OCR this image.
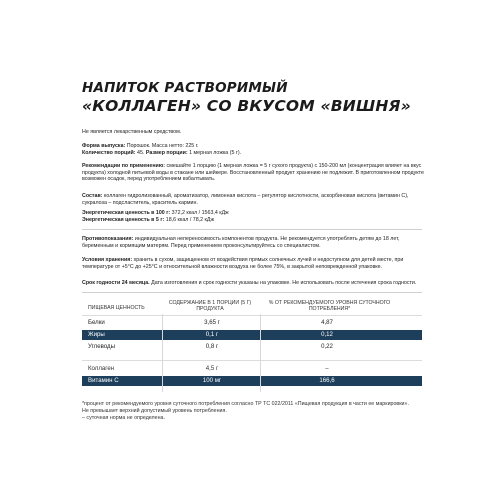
НАПИТОК РАСТВОРИМЫЙ
«КОЛЛАГЕН» СО ВКУСОМ «ВИШНЯ»
Не является лекарственным средством.
Форма выпуска: Порошок. Масса нетто: 225 г.
Количество порций: 45. Размер порции: 1 мерная ложка (5 г).
Рекомендации по применению: смешайте 1 порцию (1 мерная ложка = 5 г сухого продукта) с 150-200 мл (концентрация влияет на вкус продукта) холодной питьевой воды в стакане или шейкере. Восстановленный продукт хранению не подлежит. В приготовленном продукте возможен осадок, перед употреблением взбалтывать.
Состав: коллаген гидролизованный, ароматизатор, лимонная кислота – регулятор кислотности, аскорбиновая кислота (витамин С), сукралоза – подсластитель, краситель кармин.
Энергетическая ценность в 100 г: 372,2 ккал / 1563,4 кДж
Энергетическая ценность в 5 г: 18,6 ккал / 78,2 кДж
Противопоказания: индивидуальная непереносимость компонентов продукта. Не рекомендуется употреблять детям до 18 лет, беременным и кормящим матерям. Перед применением проконсультируйтесь со специалистом.
Условия хранения: хранить в сухом, защищенном от воздействия прямых солнечных лучей и недоступном для детей месте, при температуре от +5°С до +25°С и относительной влажности воздуха не более 75%, в закрытой неповрежденной упаковке.
Срок годности 24 месяца. Дата изготовления и срок годности указаны на упаковке. Не использовать после истечения срока годности.
ПИЩЕВАЯ ЦЕННОСТЬ
СОДЕРЖАНИЕ В 1 ПОРЦИИ (5 Г) ПРОДУКТА
% ОТ РЕКОМЕНДУЕМОГО УРОВНЯ СУТОЧНОГО ПОТРЕБЛЕНИЯ*
Белки	3,65 г	4,87
Жиры	0,1 г	0,12
Углеводы	0,8 г	0,22
Коллаген	4,5 г	–
Витамин С	100 мг	166,6
*процент от рекомендуемого уровня суточного потребления согласно ТР ТС 022/2011 «Пищевая продукция в части ее маркировки». Не превышает верхний допустимый уровень потребления.
– суточная норма не определена.
